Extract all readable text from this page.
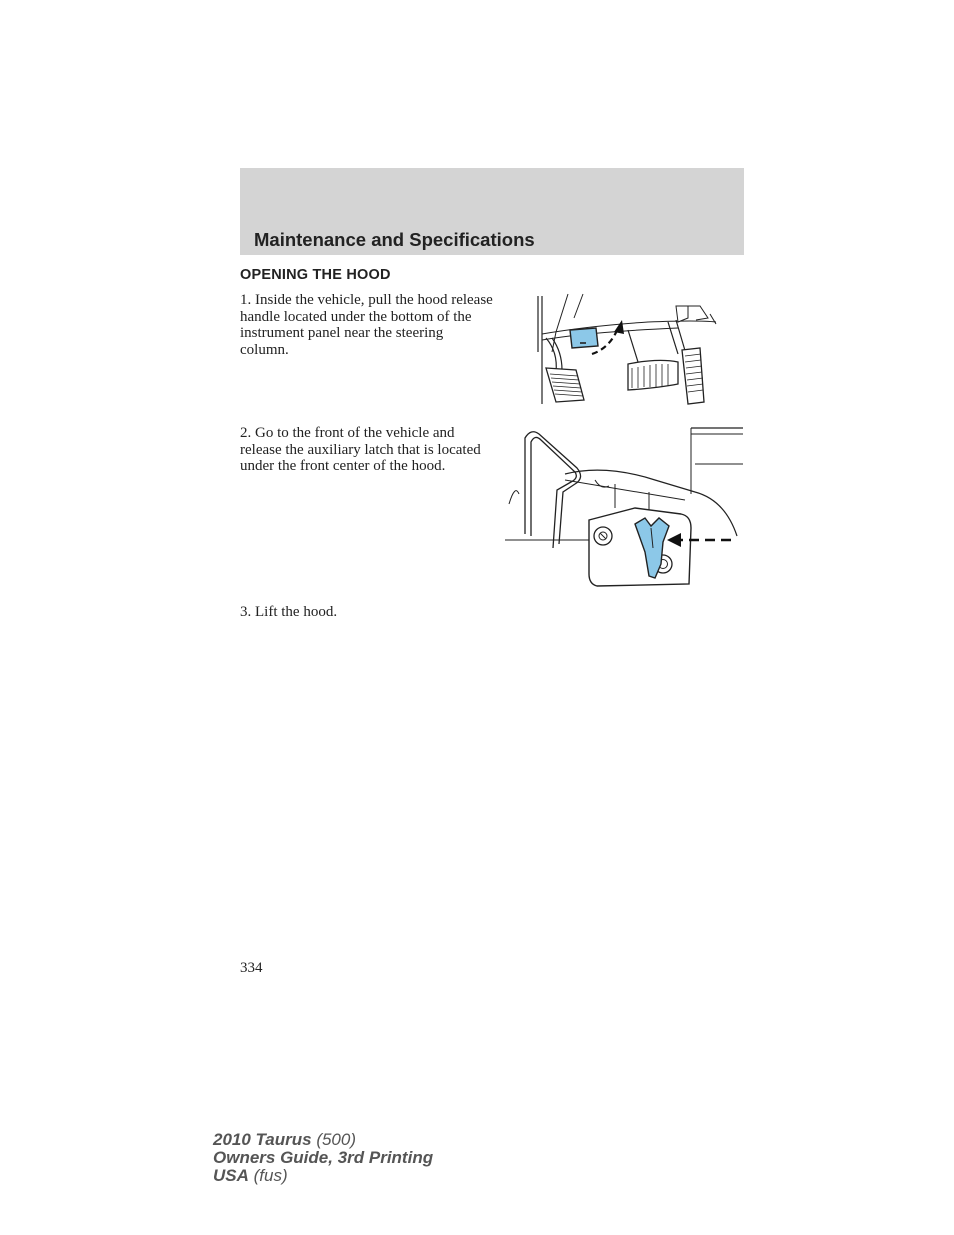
Maintenance and Specifications
OPENING THE HOOD
1. Inside the vehicle, pull the hood release handle located under the bottom of the instrument panel near the steering column.
2. Go to the front of the vehicle and release the auxiliary latch that is located under the front center of the hood.
3. Lift the hood.
334
2010 Taurus (500)
Owners Guide, 3rd Printing
USA (fus)
